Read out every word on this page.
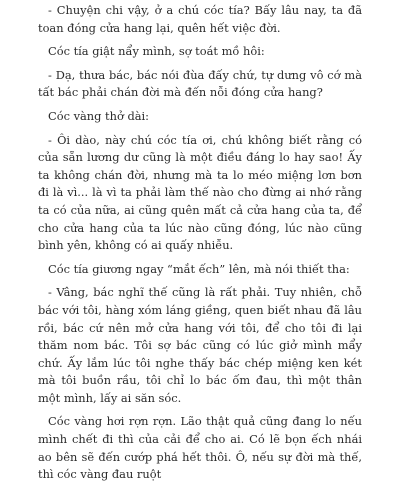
- Chuyện chi vậy, ở a chú cóc tía? Bấy lâu nay, ta đã toan đóng cửa hang lại, quên hết việc đời.

Cóc tía giật nẩy mình, sợ toát mồ hôi:

- Dạ, thưa bác, bác nói đùa đấy chứ, tự dưng vô cớ mà tất bác phải chán đời mà đến nỗi đóng cửa hang?

Cóc vàng thở dài:

- Ôi dào, này chú cóc tía ơi, chú không biết rằng có của sẵn lương dư cũng là một điều đáng lo hay sao! Ấy ta không chán đời, nhưng mà ta lo méo miệng lơn bơn đi là vì... là vì ta phải làm thế nào cho đừng ai nhớ rằng ta có của nữa, ai cũng quên mất cả cửa hang của ta, để cho cửa hang của ta lúc nào cũng đóng, lúc nào cũng bình yên, không có ai quấy nhiễu.

Cóc tía giương ngay “mắt ếch” lên, mà nói thiết tha:

- Vâng, bác nghĩ thế cũng là rất phải. Tuy nhiên, chỗ bác với tôi, hàng xóm láng giềng, quen biết nhau đã lâu rồi, bác cứ nên mở cửa hang với tôi, để cho tôi đi lại thăm nom bác. Tôi sợ bác cũng có lúc giở mình mẩy chứ. Ấy lắm lúc tôi nghe thấy bác chép miệng ken két mà tôi buồn rầu, tôi chỉ lo bác ốm đau, thì một thân một mình, lấy ai săn sóc.

Cóc vàng hơi rợn rợn. Lão thật quả cũng đang lo nếu mình chết đi thì của cải để cho ai. Có lẽ bọn ếch nhái ao bên sẽ đến cướp phá hết thôi. Ô, nếu sự đời mà thế, thì cóc vàng đau ruột
